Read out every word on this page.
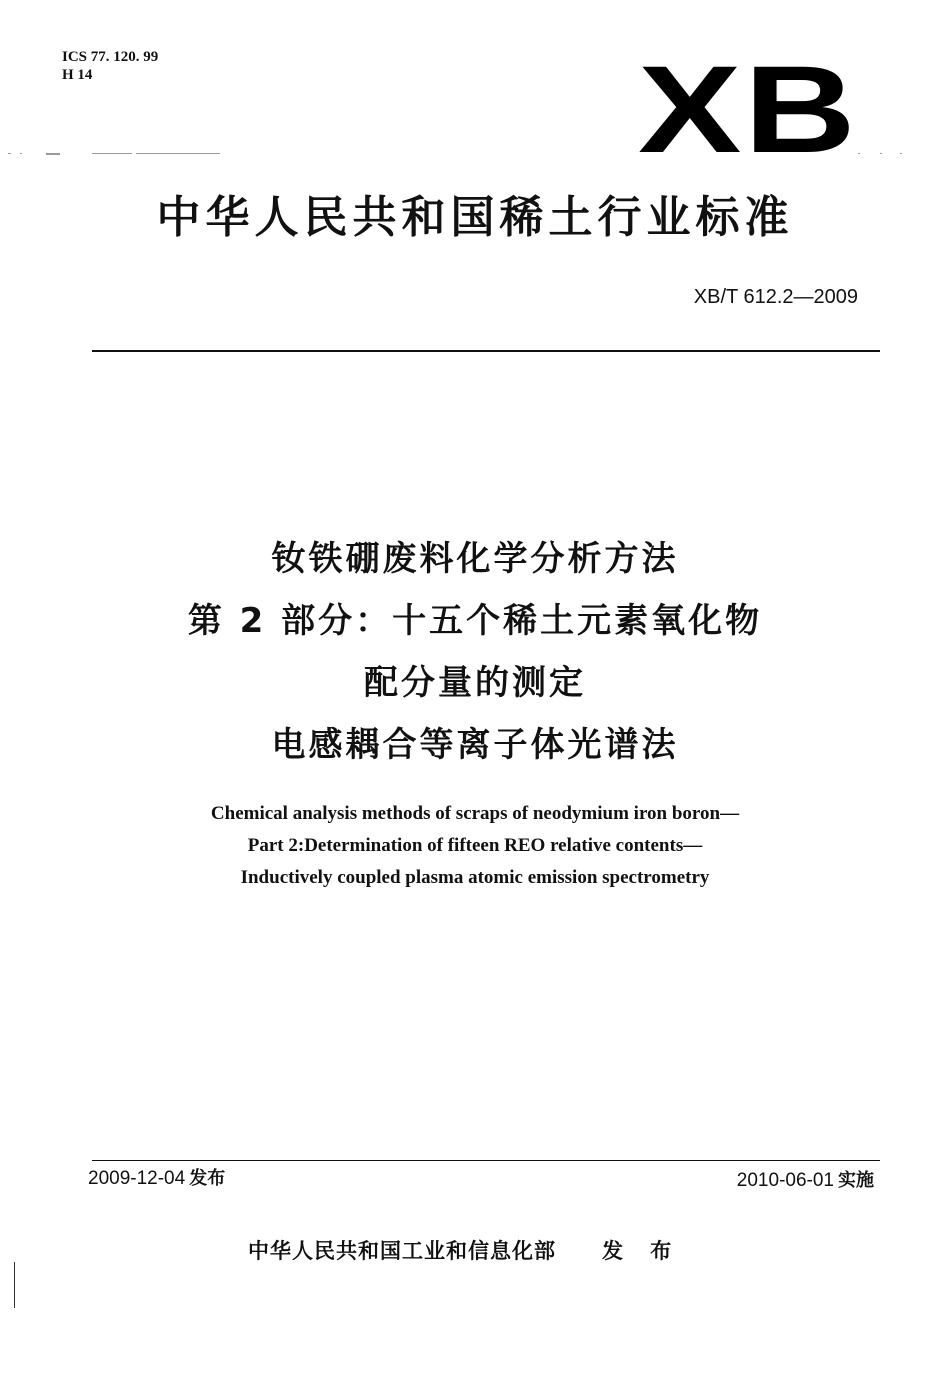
ICS 77. 120. 99
H 14	XB
中华人民共和国稀土行业标准
XB/T 612.2—2009
钕铁硼废料化学分析方法
第 2 部分：十五个稀土元素氧化物
配分量的测定
电感耦合等离子体光谱法
Chemical analysis methods of scraps of neodymium iron boron—
Part 2:Determination of fifteen REO relative contents—
Inductively coupled plasma atomic emission spectrometry
2009-12-04 发布	2010-06-01 实施
中华人民共和国工业和信息化部 发 布
